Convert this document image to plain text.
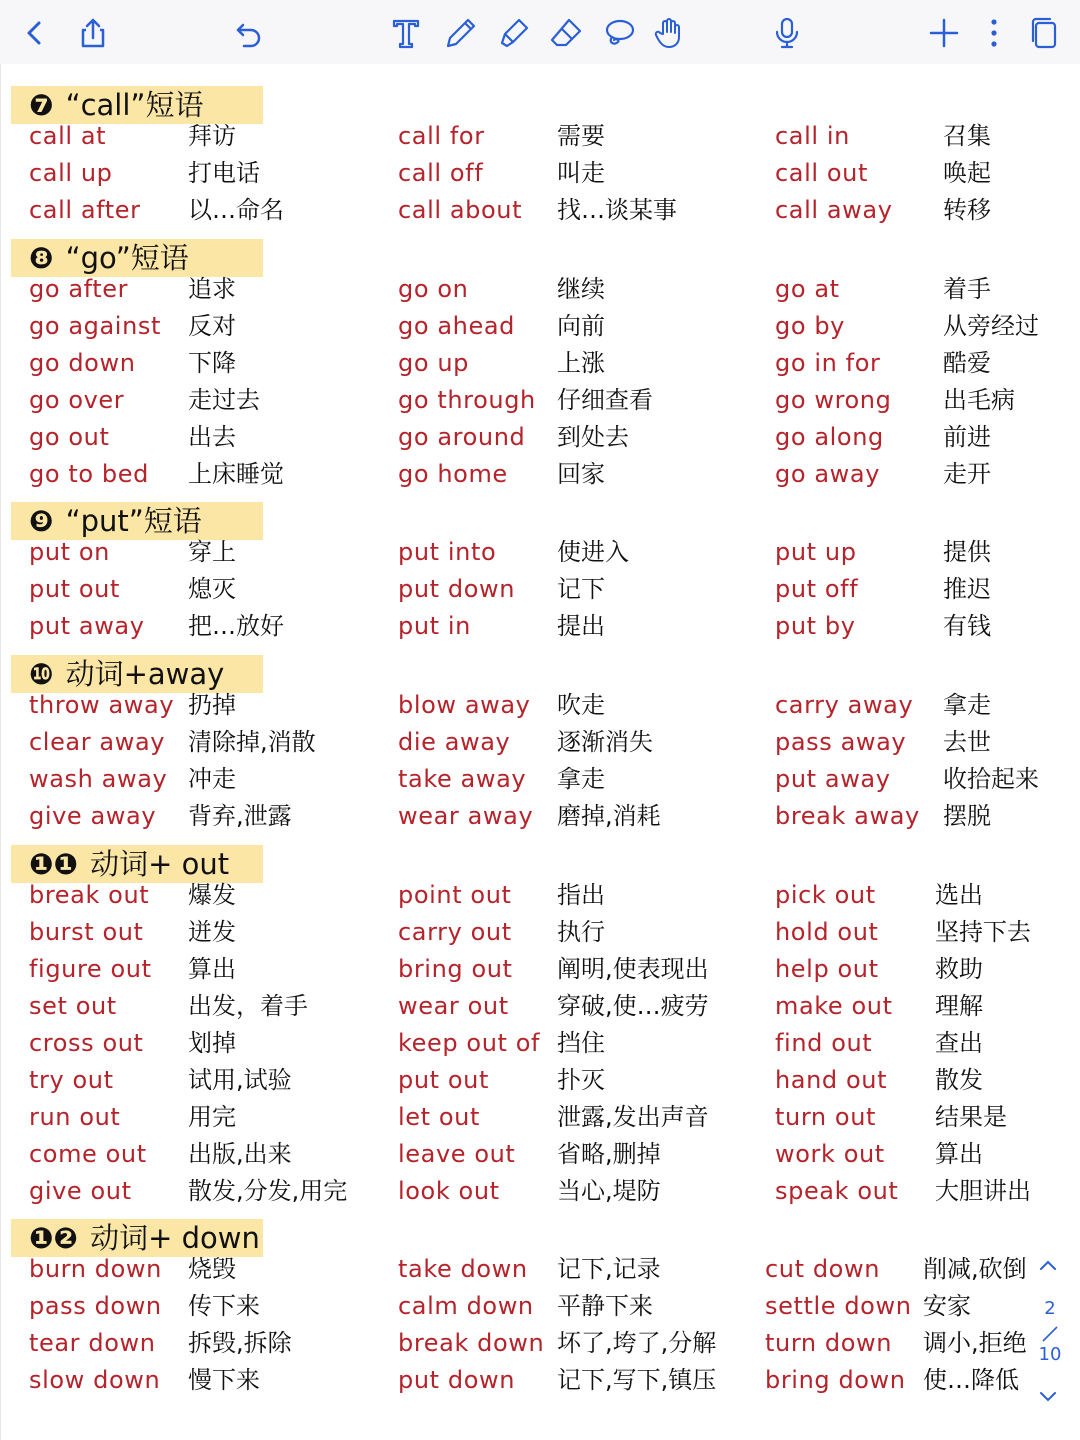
❼ “call”短语
call at	拜访	call for	需要	call in	召集
call up	打电话	call off	叫走	call out	唤起
call after 以…命名	call about 找…谈某事	call away 转移
❽ “go”短语
go after 追求	go on	继续	go at	着手
go against 反对	go ahead 向前	go by	从旁经过
go down 下降	go up	上涨	go in for	酷爱
go over	走过去	go through 仔细查看	go wrong 出毛病
go out	出去	go around 到处去	go along 前进
go to bed 上床睡觉	go home 回家	go away	走开
❾ “put”短语
put on	穿上	put into	使进入	put up	提供
put out	熄灭	put down 记下	put off	推迟
put away 把…放好	put in	提出	put by	有钱
❿ 动词+away
throw away 扔掉	blow away 吹走	carry away 拿走
clear away 清除掉,消散	die away 逐渐消失	pass away 去世
wash away 冲走	take away 拿走	put away 收拾起来
give away 背弃,泄露	wear away 磨掉,消耗	break away 摆脱
❶❶ 动词+ out
break out 爆发	point out 指出	pick out 选出
burst out 迸发	carry out 执行	hold out 坚持下去
figure out 算出	bring out 阐明,使表现出	help out 救助
set out	出发，着手	wear out 穿破,使…疲劳	make out 理解
cross out 划掉	keep out of 挡住	find out	查出
try out	试用,试验	put out	扑灭	hand out 散发
run out	用完	let out	泄露,发出声音	turn out 结果是
come out 出版,出来	leave out 省略,删掉	work out 算出
give out 散发,分发,用完 look out 当心,堤防	speak out 大胆讲出
❶❷ 动词+ down
burn down 烧毁	take down 记下,记录	cut down 削减,砍倒
pass down 传下来	calm down 平静下来	settle down 安家
tear down 拆毁,拆除	break down 坏了,垮了,分解 turn down 调小,拒绝
slow down 慢下来	put down 记下,写下,镇压 bring down 使…降低
2
10
